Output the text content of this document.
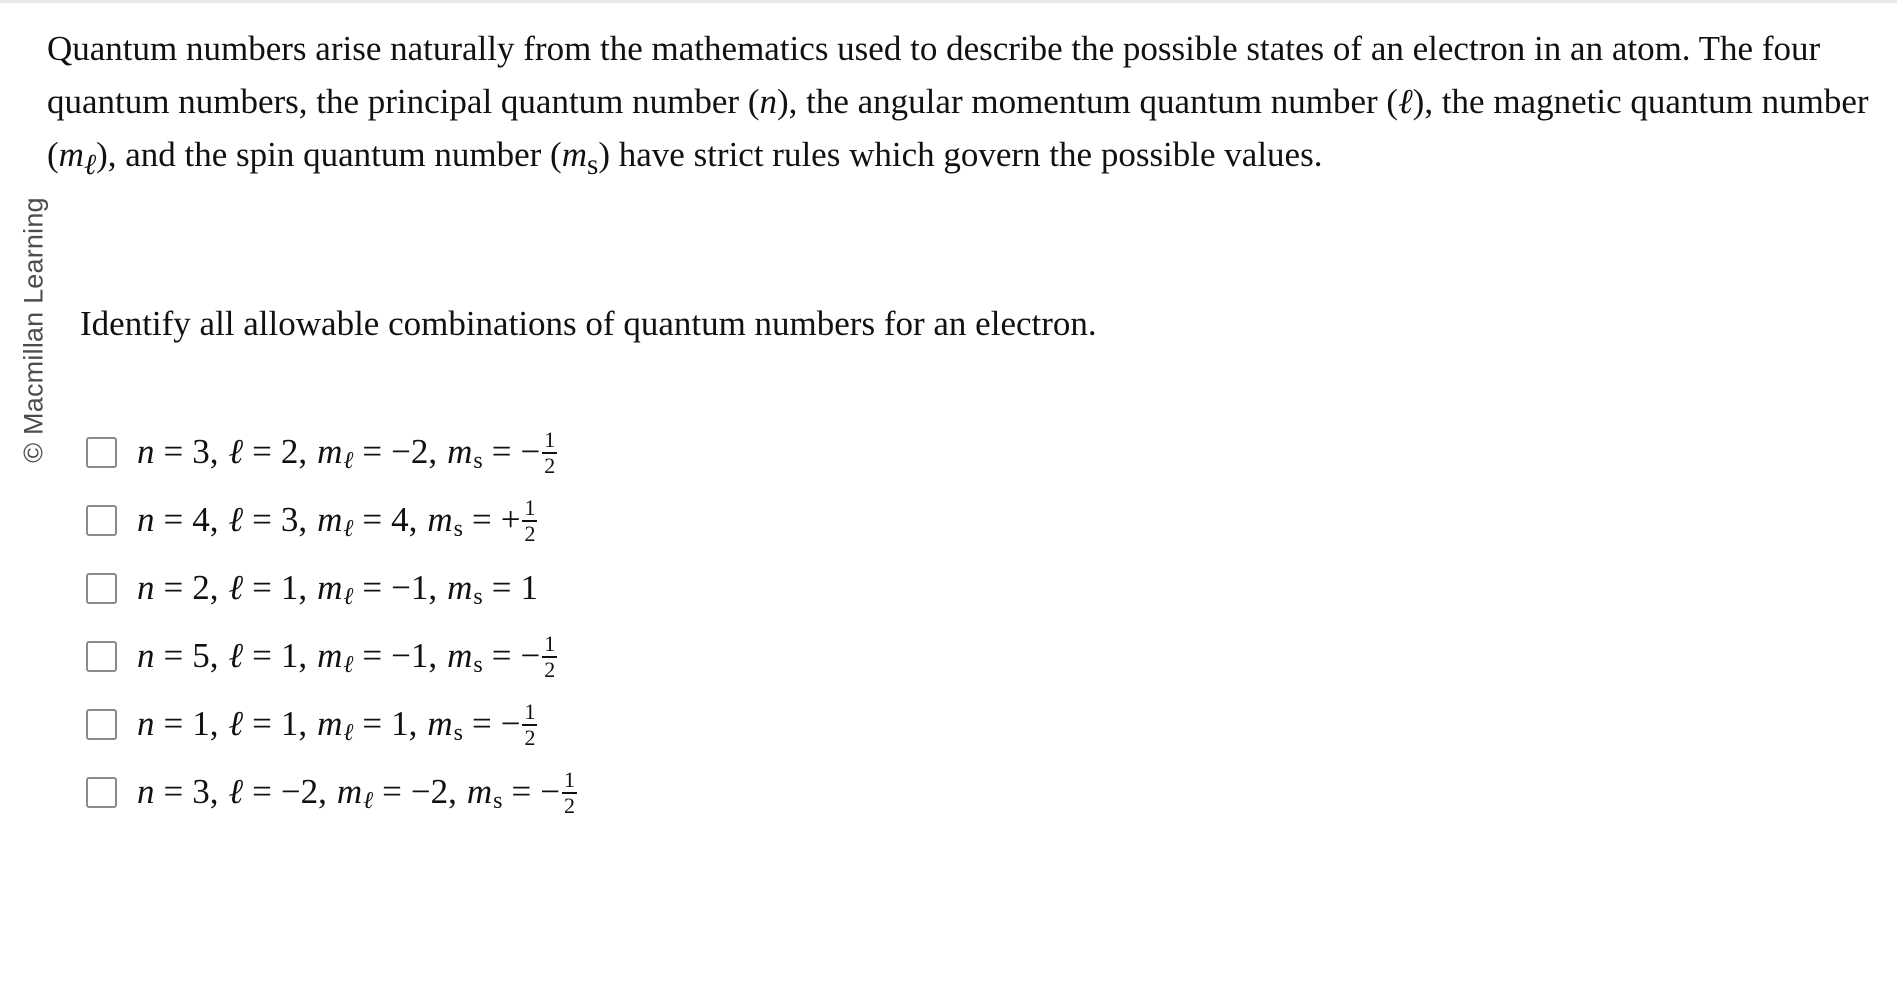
© Macmillan Learning

Quantum numbers arise naturally from the mathematics used to describe the possible states of an electron in an atom. The four quantum numbers, the principal quantum number (n), the angular momentum quantum number (ℓ), the magnetic quantum number $(m_\ell)$, and the spin quantum number $(m_s)$ have strict rules which govern the possible values.

Identify all allowable combinations of quantum numbers for an electron.

n = 3 , ℓ = 2 , m ℓ = −2 , m s = − $\frac{1}{2}$
n = 4 , ℓ = 3 , m ℓ = 4 , m s = + $\frac{1}{2}$
n = 2 , ℓ = 1 , m ℓ = −1 , m s = 1
n = 5 , ℓ = 1 , m ℓ = −1 , m s = − $\frac{1}{2}$
n = 1 , ℓ = 1 , m ℓ = 1 , m s = − $\frac{1}{2}$
n = 3 , ℓ = −2 , m ℓ = −2 , m s = − $\frac{1}{2}$
